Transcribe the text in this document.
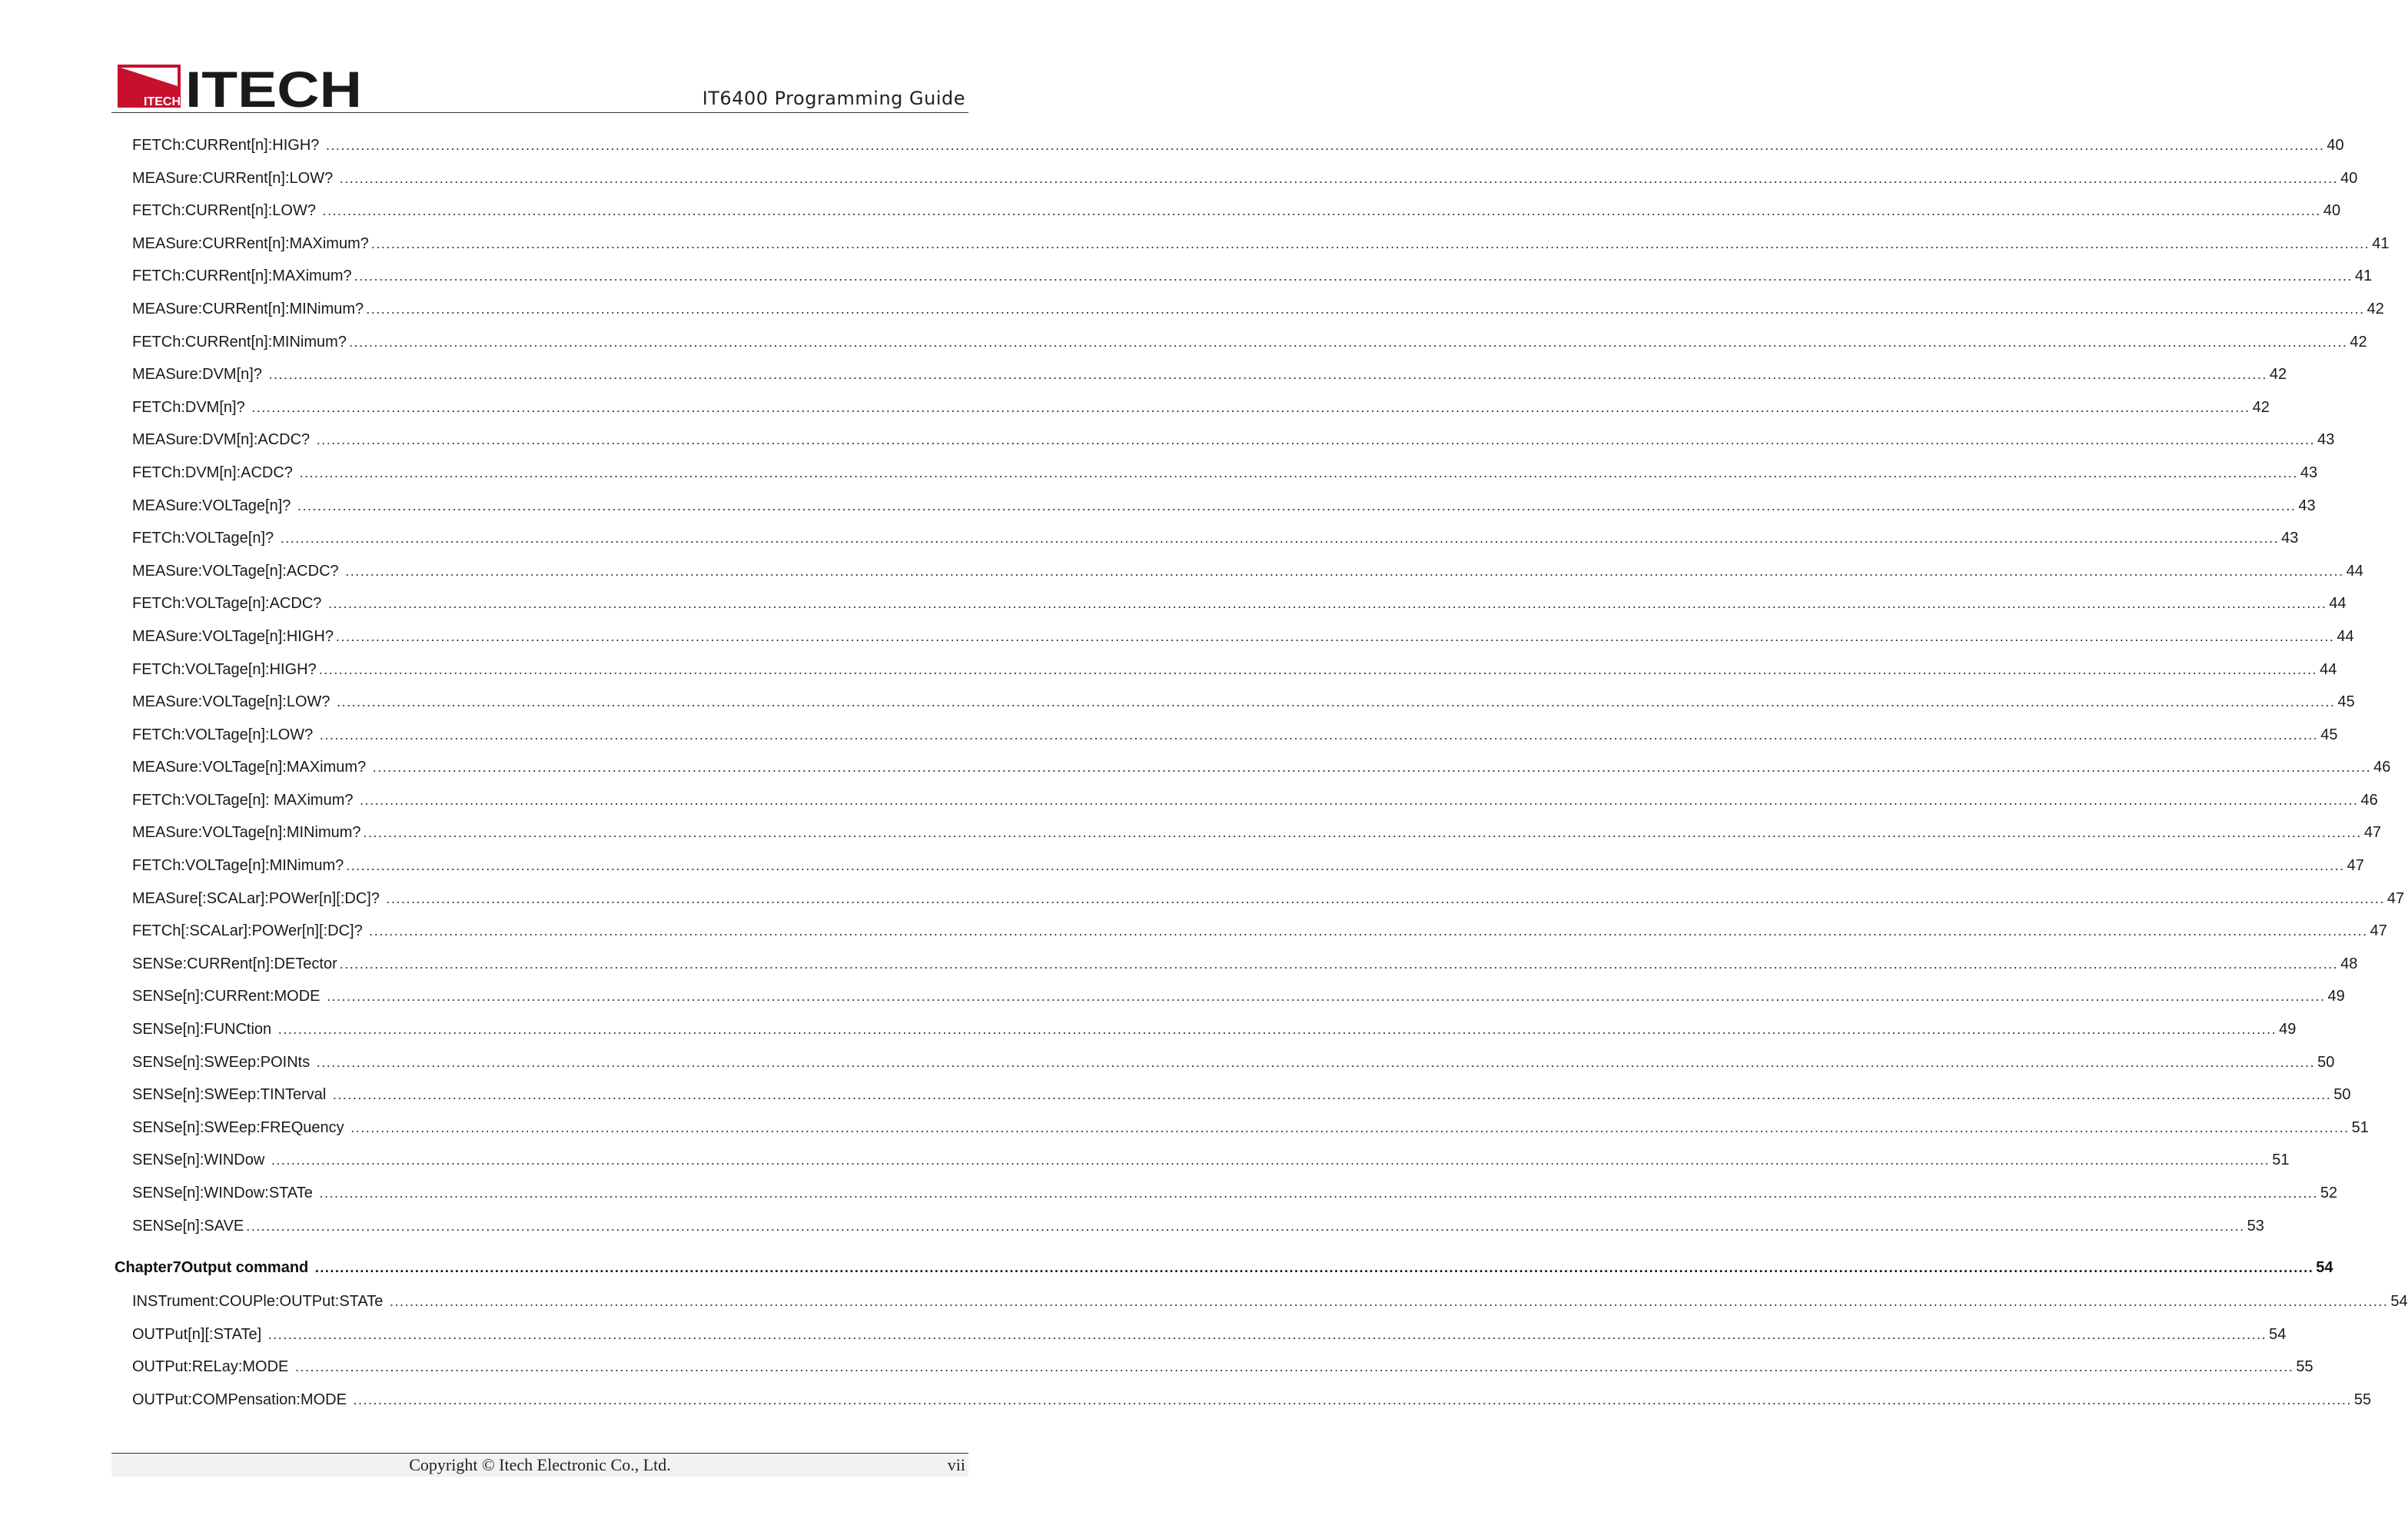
ITECH ITECH	IT6400 Programming Guide
FETCh:CURRent[n]:HIGH? ................................................................................................................................................................................................................................................................................................................................................................................................................ 40
MEASure:CURRent[n]:LOW? ................................................................................................................................................................................................................................................................................................................................................................................................................ 40
FETCh:CURRent[n]:LOW? ................................................................................................................................................................................................................................................................................................................................................................................................................ 40
MEASure:CURRent[n]:MAXimum? ................................................................................................................................................................................................................................................................................................................................................................................................................ 41
FETCh:CURRent[n]:MAXimum? ................................................................................................................................................................................................................................................................................................................................................................................................................ 41
MEASure:CURRent[n]:MINimum? ................................................................................................................................................................................................................................................................................................................................................................................................................ 42
FETCh:CURRent[n]:MINimum? ................................................................................................................................................................................................................................................................................................................................................................................................................ 42
MEASure:DVM[n]? ................................................................................................................................................................................................................................................................................................................................................................................................................ 42
FETCh:DVM[n]? ................................................................................................................................................................................................................................................................................................................................................................................................................ 42
MEASure:DVM[n]:ACDC? ................................................................................................................................................................................................................................................................................................................................................................................................................ 43
FETCh:DVM[n]:ACDC? ................................................................................................................................................................................................................................................................................................................................................................................................................ 43
MEASure:VOLTage[n]? ................................................................................................................................................................................................................................................................................................................................................................................................................ 43
FETCh:VOLTage[n]? ................................................................................................................................................................................................................................................................................................................................................................................................................ 43
MEASure:VOLTage[n]:ACDC? ................................................................................................................................................................................................................................................................................................................................................................................................................ 44
FETCh:VOLTage[n]:ACDC? ................................................................................................................................................................................................................................................................................................................................................................................................................ 44
MEASure:VOLTage[n]:HIGH? ................................................................................................................................................................................................................................................................................................................................................................................................................ 44
FETCh:VOLTage[n]:HIGH? ................................................................................................................................................................................................................................................................................................................................................................................................................ 44
MEASure:VOLTage[n]:LOW? ................................................................................................................................................................................................................................................................................................................................................................................................................ 45
FETCh:VOLTage[n]:LOW? ................................................................................................................................................................................................................................................................................................................................................................................................................ 45
MEASure:VOLTage[n]:MAXimum? ................................................................................................................................................................................................................................................................................................................................................................................................................ 46
FETCh:VOLTage[n]: MAXimum? ................................................................................................................................................................................................................................................................................................................................................................................................................ 46
MEASure:VOLTage[n]:MINimum? ................................................................................................................................................................................................................................................................................................................................................................................................................ 47
FETCh:VOLTage[n]:MINimum? ................................................................................................................................................................................................................................................................................................................................................................................................................ 47
MEASure[:SCALar]:POWer[n][:DC]? ................................................................................................................................................................................................................................................................................................................................................................................................................ 47
FETCh[:SCALar]:POWer[n][:DC]? ................................................................................................................................................................................................................................................................................................................................................................................................................ 47
SENSe:CURRent[n]:DETector ................................................................................................................................................................................................................................................................................................................................................................................................................ 48
SENSe[n]:CURRent:MODE ................................................................................................................................................................................................................................................................................................................................................................................................................ 49
SENSe[n]:FUNCtion ................................................................................................................................................................................................................................................................................................................................................................................................................ 49
SENSe[n]:SWEep:POINts ................................................................................................................................................................................................................................................................................................................................................................................................................ 50
SENSe[n]:SWEep:TINTerval ................................................................................................................................................................................................................................................................................................................................................................................................................ 50
SENSe[n]:SWEep:FREQuency ................................................................................................................................................................................................................................................................................................................................................................................................................ 51
SENSe[n]:WINDow ................................................................................................................................................................................................................................................................................................................................................................................................................ 51
SENSe[n]:WINDow:STATe ................................................................................................................................................................................................................................................................................................................................................................................................................ 52
SENSe[n]:SAVE ................................................................................................................................................................................................................................................................................................................................................................................................................ 53
Chapter7 Output command ................................................................................................................................................................................................................................................................................................................................................................................................................ 54
INSTrument:COUPle:OUTPut:STATe ................................................................................................................................................................................................................................................................................................................................................................................................................ 54
OUTPut[n][:STATe] ................................................................................................................................................................................................................................................................................................................................................................................................................ 54
OUTPut:RELay:MODE ................................................................................................................................................................................................................................................................................................................................................................................................................ 55
OUTPut:COMPensation:MODE ................................................................................................................................................................................................................................................................................................................................................................................................................ 55
Copyright © Itech Electronic Co., Ltd.	vii
